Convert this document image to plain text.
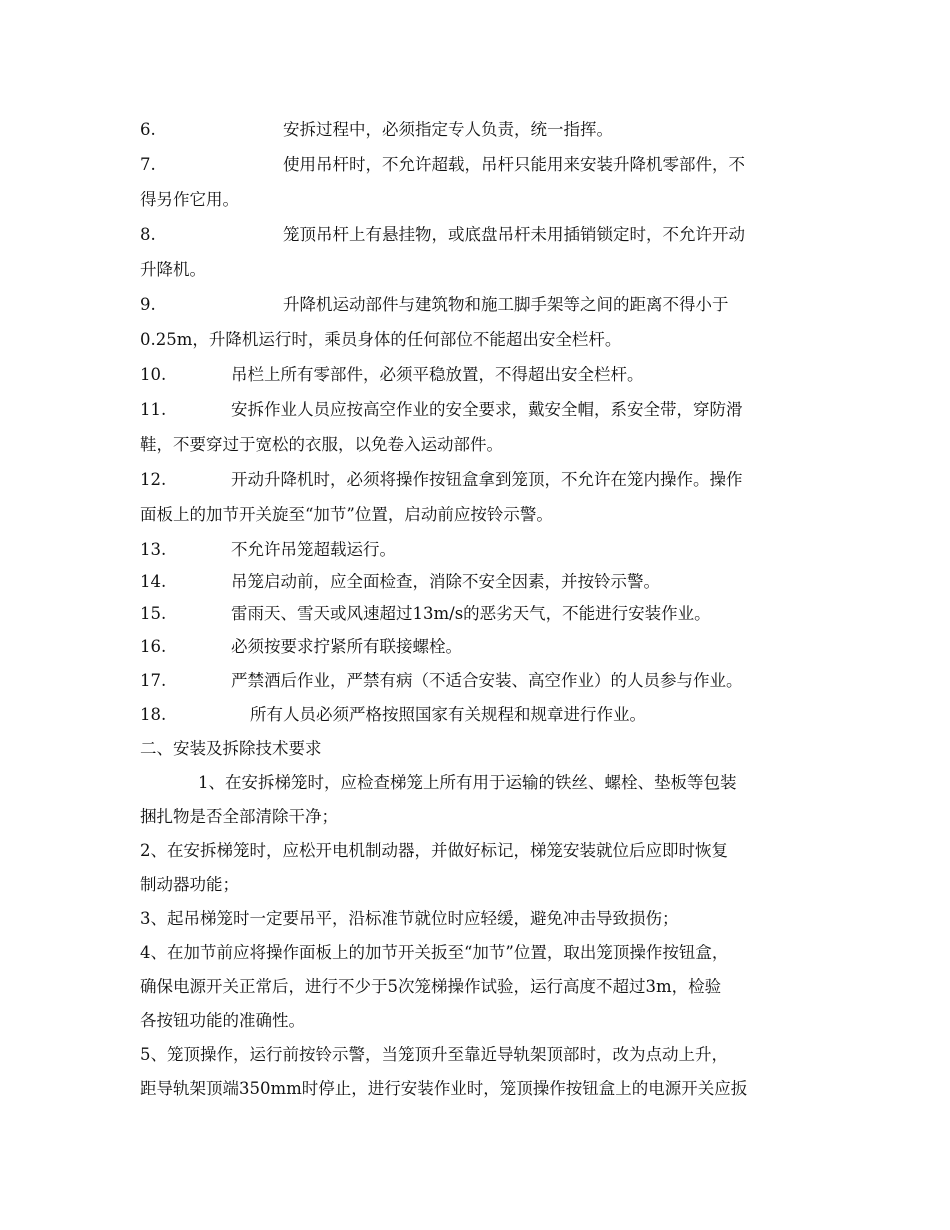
6.	安拆过程中，必须指定专人负责，统一指挥。
7.	使用吊杆时，不允许超载，吊杆只能用来安装升降机零部件，不
得另作它用。
8.	笼顶吊杆上有悬挂物，或底盘吊杆未用插销锁定时，不允许开动
升降机。
9.	升降机运动部件与建筑物和施工脚手架等之间的距离不得小于
0.25m，升降机运行时，乘员身体的任何部位不能超出安全栏杆。
10.	吊栏上所有零部件，必须平稳放置，不得超出安全栏杆。
11.	安拆作业人员应按高空作业的安全要求，戴安全帽，系安全带，穿防滑
鞋，不要穿过于宽松的衣服，以免卷入运动部件。
12.	开动升降机时，必须将操作按钮盒拿到笼顶，不允许在笼内操作。操作
面板上的加节开关旋至“加节”位置，启动前应按铃示警。
13.	不允许吊笼超载运行。
14.	吊笼启动前，应全面检查，消除不安全因素，并按铃示警。
15.	雷雨天、雪天或风速超过13m/s的恶劣天气，不能进行安装作业。
16.	必须按要求拧紧所有联接螺栓。
17.	严禁酒后作业，严禁有病（不适合安装、高空作业）的人员参与作业。
18.	所有人员必须严格按照国家有关规程和规章进行作业。
二、安装及拆除技术要求
1、在安拆梯笼时，应检查梯笼上所有用于运输的铁丝、螺栓、垫板等包装
捆扎物是否全部清除干净；
2、在安拆梯笼时，应松开电机制动器，并做好标记，梯笼安装就位后应即时恢复
制动器功能；
3、起吊梯笼时一定要吊平，沿标准节就位时应轻缓，避免冲击导致损伤；
4、在加节前应将操作面板上的加节开关扳至“加节”位置，取出笼顶操作按钮盒，
确保电源开关正常后，进行不少于5次笼梯操作试验，运行高度不超过3m，检验
各按钮功能的准确性。
5、笼顶操作，运行前按铃示警，当笼顶升至靠近导轨架顶部时，改为点动上升，
距导轨架顶端350mm时停止，进行安装作业时，笼顶操作按钮盒上的电源开关应扳
